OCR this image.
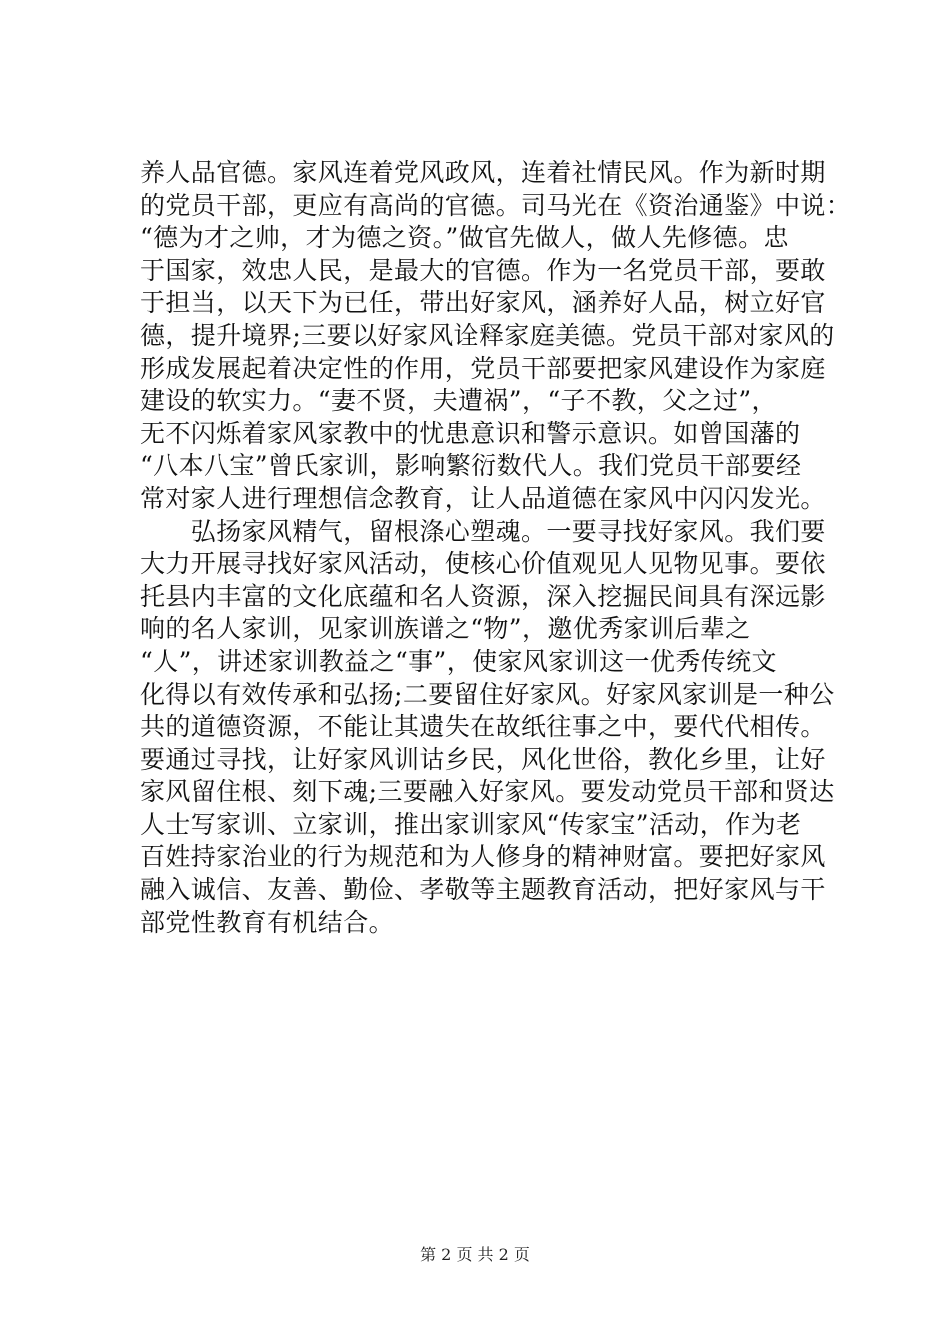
养人品官德。家风连着党风政风，连着社情民风。作为新时期
的党员干部，更应有高尚的官德。司马光在《资治通鉴》中说：
“德为才之帅，才为德之资。”做官先做人，做人先修德。忠
于国家，效忠人民，是最大的官德。作为一名党员干部，要敢
于担当，以天下为已任，带出好家风，涵养好人品，树立好官
德，提升境界;三要以好家风诠释家庭美德。党员干部对家风的
形成发展起着决定性的作用，党员干部要把家风建设作为家庭
建设的软实力。“妻不贤，夫遭祸”，“子不教，父之过”，
无不闪烁着家风家教中的忧患意识和警示意识。如曾国藩的
“八本八宝”曾氏家训，影响繁衍数代人。我们党员干部要经
常对家人进行理想信念教育，让人品道德在家风中闪闪发光。
　　弘扬家风精气，留根涤心塑魂。一要寻找好家风。我们要
大力开展寻找好家风活动，使核心价值观见人见物见事。要依
托县内丰富的文化底蕴和名人资源，深入挖掘民间具有深远影
响的名人家训，见家训族谱之“物”，邀优秀家训后辈之
“人”，讲述家训教益之“事”，使家风家训这一优秀传统文
化得以有效传承和弘扬;二要留住好家风。好家风家训是一种公
共的道德资源，不能让其遗失在故纸往事之中，要代代相传。
要通过寻找，让好家风训诂乡民，风化世俗，教化乡里，让好
家风留住根、刻下魂;三要融入好家风。要发动党员干部和贤达
人士写家训、立家训，推出家训家风“传家宝”活动，作为老
百姓持家治业的行为规范和为人修身的精神财富。要把好家风
融入诚信、友善、勤俭、孝敬等主题教育活动，把好家风与干
部党性教育有机结合。
第 2 页 共 2 页
